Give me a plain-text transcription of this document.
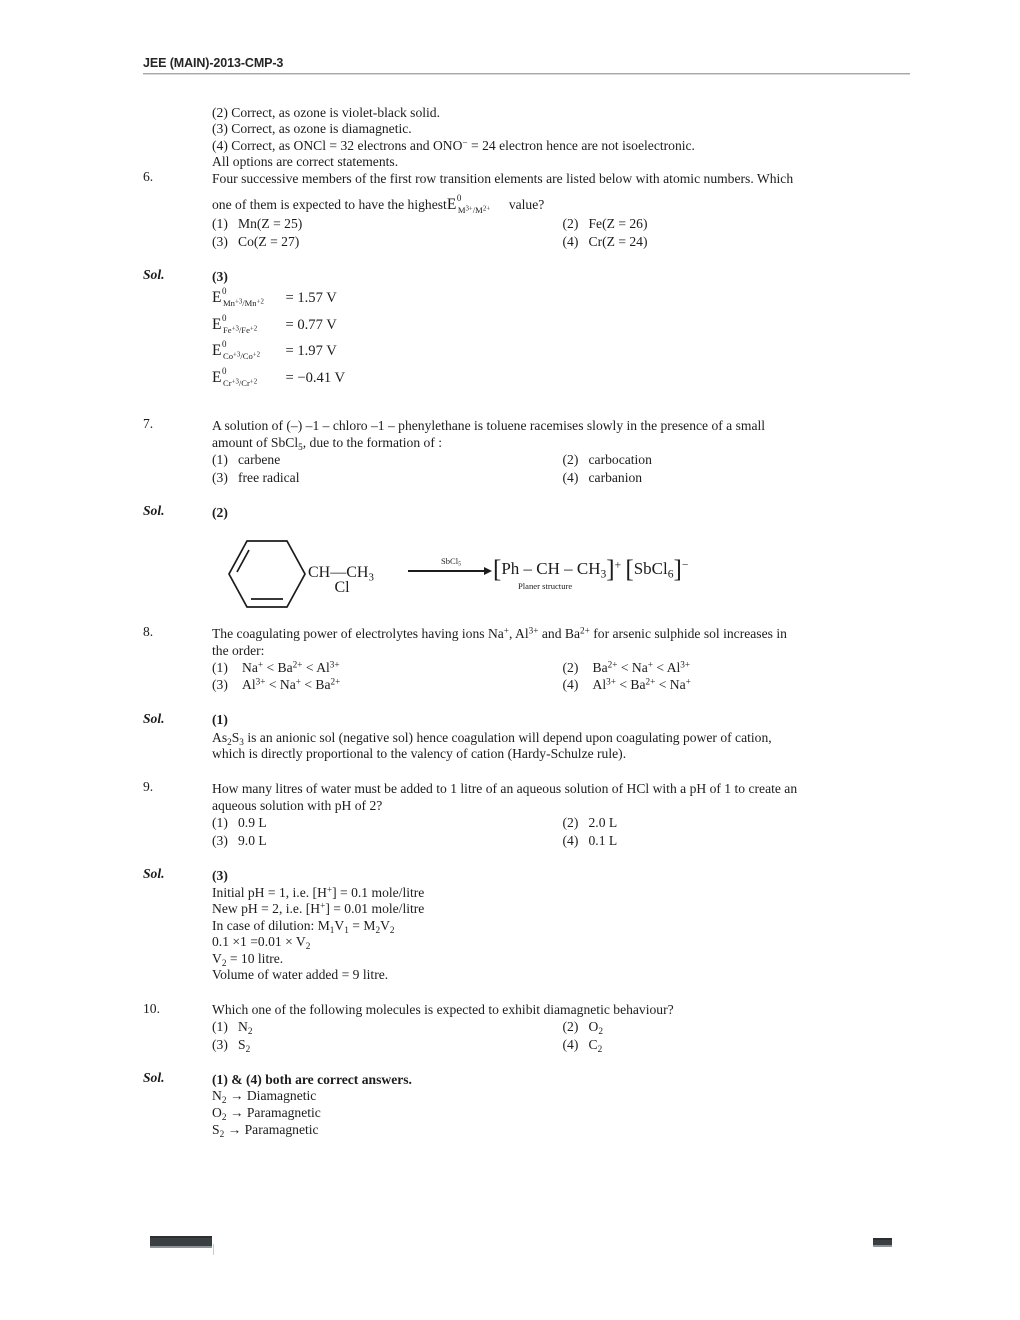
JEE (MAIN)-2013-CMP-3
(2) Correct, as ozone is violet-black solid.
(3) Correct, as ozone is diamagnetic.
(4) Correct, as ONCl = 32 electrons and ONO− = 24 electron hence are not isoelectronic.
All options are correct statements.
6.	Four successive members of the first row transition elements are listed below with atomic numbers. Which
one of them is expected to have the highest E 0
$M^{3+}/M^{2+}$ value?
(1) Mn(Z = 25)	(2) Fe(Z = 26)
(3) Co(Z = 27)	(4) Cr(Z = 24)
Sol.	(3)
E 0
$Mn^{+3}/Mn^{+2} = 1.57$ V
E 0
$Fe^{+3}/Fe^{+2} = 0.77$ V
E 0
$Co^{+3}/Co^{+2} = 1.97$ V
E 0
$Cr^{+3}/Cr^{+2} = -0.41$ V
7.	A solution of (–) –1 – chloro –1 – phenylethane is toluene racemises slowly in the presence of a small
amount of SbCl$_5$, due to the formation of :
(1) carbene	(2) carbocation
(3) free radical	(4) carbanion
Sol.	(2)
$CH—CH_3$
Cl
SbCl$_5$	[Ph – CH – $CH_3]^+$ [SbCl$_6$]−
Planer structure
8.	The coagulating power of electrolytes having ions Na+, $Al^{3+}$ and $Ba^{2+}$ for arsenic sulphide sol increases in
the order:
(1) $Na^+ < Ba^{2+} < Al^{3+}$	(2) $Ba^{2+} < Na^+ < Al^{3+}$
(3) $Al^{3+} < Na^+ < Ba^{2+}$	(4) $Al^{3+} < Ba^{2+} < Na^+$
Sol.	(1)
$As_2S_3$ is an anionic sol (negative sol) hence coagulation will depend upon coagulating power of cation,
which is directly proportional to the valency of cation (Hardy-Schulze rule).
9.	How many litres of water must be added to 1 litre of an aqueous solution of HCl with a pH of 1 to create an
aqueous solution with pH of 2?
(1) 0.9 L	(2) 2.0 L
(3) 9.0 L	(4) 0.1 L
Sol.	(3)
Initial pH = 1, i.e. [H+] = 0.1 mole/litre
New pH = 2, i.e. [H+] = 0.01 mole/litre
In case of dilution: $M_1V_1 = M_2V_2$
$0.1 \times 1 =0.01 \times V_2$
$V_2 = 10$ litre.
Volume of water added = 9 litre.
10.	Which one of the following molecules is expected to exhibit diamagnetic behaviour?
(1) $N_2$	(2) $O_2$
(3) $S_2$	(4) $C_2$
Sol.	(1) & (4) both are correct answers.
$N_2$ → Diamagnetic
$O_2$ → Paramagnetic
$S_2$ → Paramagnetic
